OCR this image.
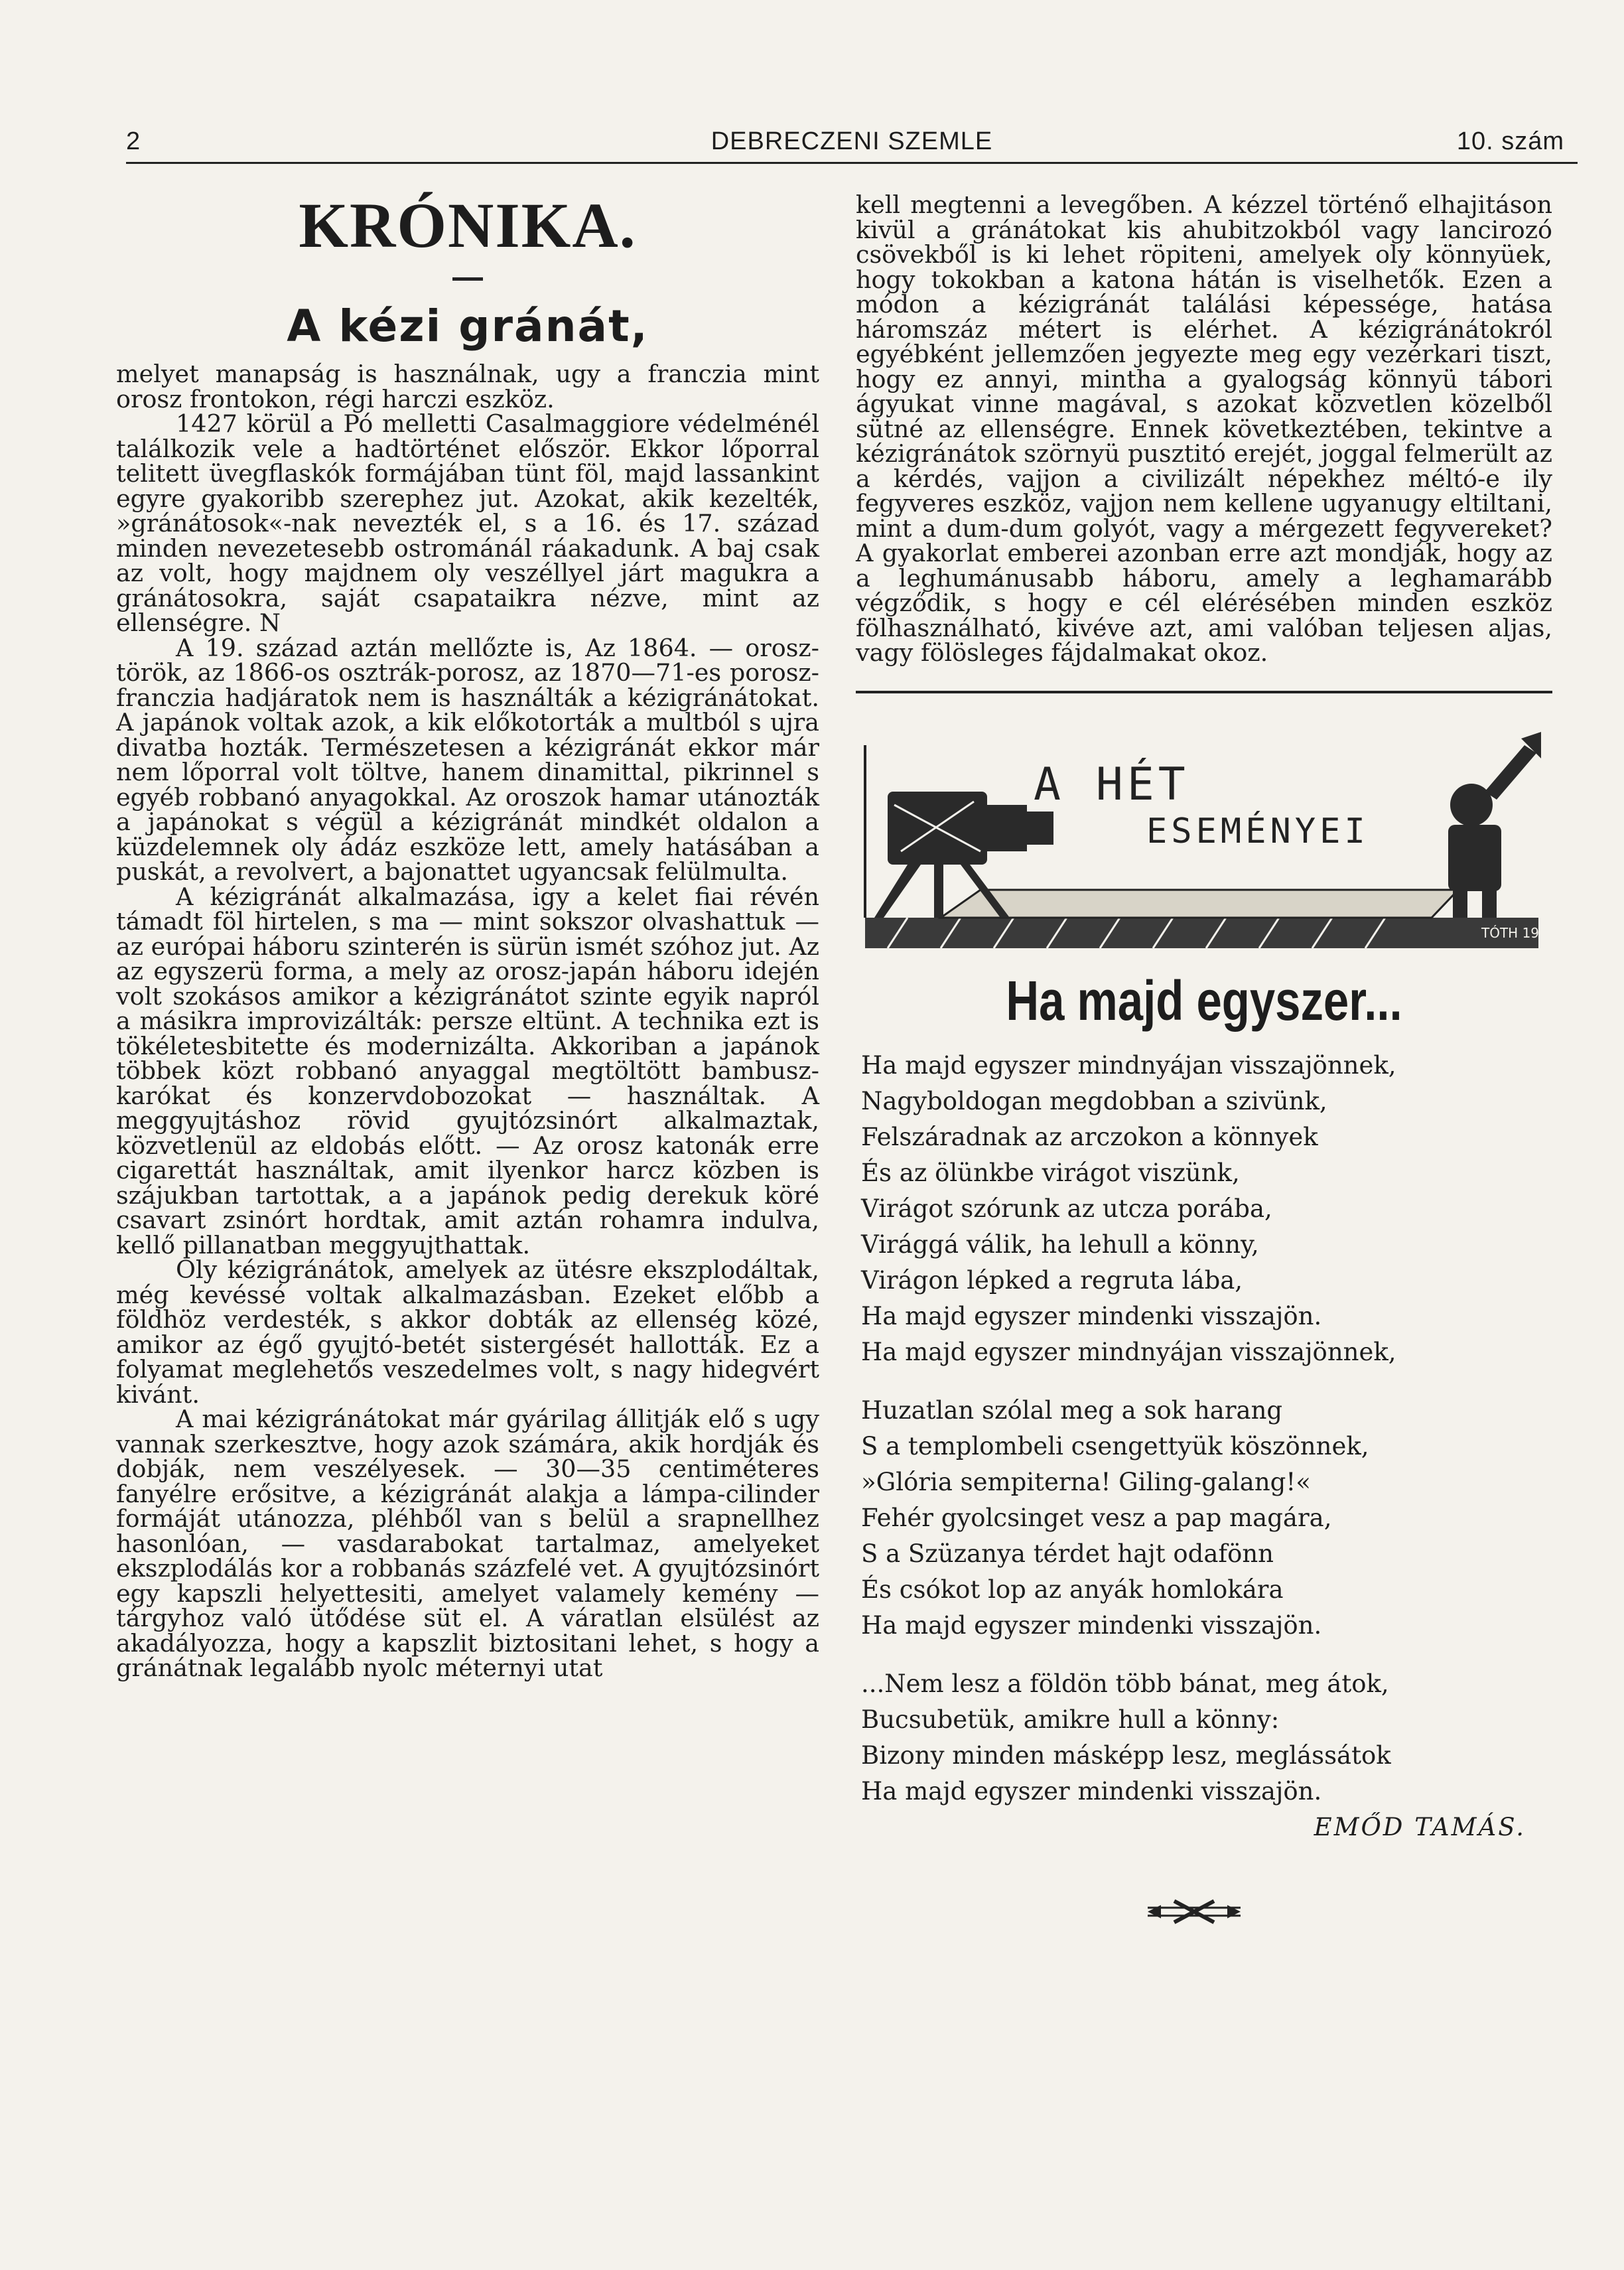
2	DEBRECZENI SZEMLE	10. szám
KRÓNIKA.
A kézi gránát,

melyet manapság is használnak, ugy a franczia mint orosz frontokon, régi harczi eszköz.

1427 körül a Pó melletti Casalmaggiore védelménél találkozik vele a hadtörténet először. Ekkor lőporral telitett üvegflaskók formájában tünt föl, majd lassankint egyre gyakoribb szerephez jut. Azokat, akik kezelték, »gránátosok«-nak nevezték el, s a 16. és 17. század minden nevezetesebb ostrománál ráakadunk. A baj csak az volt, hogy majdnem oly veszéllyel járt magukra a gránátosokra, saját csapataikra nézve, mint az ellenségre. N

A 19. század aztán mellőzte is, Az 1864. — orosz-török, az 1866-os osztrák-porosz, az 1870—71-es porosz-franczia hadjáratok nem is használták a kézigránátokat. A japánok voltak azok, a kik előkotorták a multból s ujra divatba hozták. Természetesen a kézigránát ekkor már nem lőporral volt töltve, hanem dinamittal, pikrinnel s egyéb robbanó anyagokkal. Az oroszok hamar utánozták a japánokat s végül a kézigránát mindkét oldalon a küzdelemnek oly ádáz eszköze lett, amely hatásában a puskát, a revolvert, a bajonattet ugyancsak felülmulta.

A kézigránát alkalmazása, igy a kelet fiai révén támadt föl hirtelen, s ma — mint sokszor olvashattuk — az európai háboru szinterén is sürün ismét szóhoz jut. Az az egyszerü forma, a mely az orosz-japán háboru idején volt szokásos amikor a kézigránátot szinte egyik napról a másikra improvizálták: persze eltünt. A technika ezt is tökéletesbitette és modernizálta. Akkoriban a japánok többek közt robbanó anyaggal megtöltött bambusz-karókat és konzervdobozokat — használtak. A meggyujtáshoz rövid gyujtózsinórt alkalmaztak, közvetlenül az eldobás előtt. — Az orosz katonák erre cigarettát használtak, amit ilyenkor harcz közben is szájukban tartottak, a a japánok pedig derekuk köré csavart zsinórt hordtak, amit aztán rohamra indulva, kellő pillanatban meggyujthattak.

Oly kézigránátok, amelyek az ütésre ekszplodáltak, még kevéssé voltak alkalmazásban. Ezeket előbb a földhöz verdesték, s akkor dobták az ellenség közé, amikor az égő gyujtó-betét sistergését hallották. Ez a folyamat meglehetős veszedelmes volt, s nagy hidegvért kivánt.

A mai kézigránátokat már gyárilag állitják elő s ugy vannak szerkesztve, hogy azok számára, akik hordják és dobják, nem veszélyesek. — 30—35 centiméteres fanyélre erősitve, a kézigránát alakja a lámpa-cilinder formáját utánozza, pléhből van s belül a srapnellhez hasonlóan, — vasdarabokat tartalmaz, amelyeket ekszplodálás kor a robbanás százfelé vet. A gyujtózsinórt egy kapszli helyettesiti, amelyet valamely kemény — tárgyhoz való ütődése süt el. A váratlan elsülést az akadályozza, hogy a kapszlit biztositani lehet, s hogy a gránátnak legalább nyolc méternyi utat

kell megtenni a levegőben. A kézzel történő elhajitáson kivül a gránátokat kis ahubitzokból vagy lancirozó csövekből is ki lehet röpiteni, amelyek oly könnyüek, hogy tokokban a katona hátán is viselhetők. Ezen a módon a kézigránát találási képessége, hatása háromszáz métert is elérhet. A kézigránátokról egyébként jellemzően jegyezte meg egy vezérkari tiszt, hogy ez annyi, mintha a gyalogság könnyü tábori ágyukat vinne magával, s azokat közvetlen közelből sütné az ellenségre. Ennek következtében, tekintve a kézigránátok szörnyü pusztitó erejét, joggal felmerült az a kérdés, vajjon a civilizált népekhez méltó-e ily fegyveres eszköz, vajjon nem kellene ugyanugy eltiltani, mint a dum-dum golyót, vagy a mérgezett fegyvereket? A gyakorlat emberei azonban erre azt mondják, hogy az a leghumánusabb háboru, amely a leghamarább végződik, s hogy e cél elérésében minden eszköz fölhasználható, kivéve azt, ami valóban teljesen aljas, vagy fölösleges fájdalmakat okoz.

TÓTH 1912
A HÉT
ESEMÉNYEI
Ha majd egyszer...
Ha majd egyszer mindnyájan visszajönnek,
Nagyboldogan megdobban a szivünk,
Felszáradnak az arczokon a könnyek
És az ölünkbe virágot viszünk,
Virágot szórunk az utcza porába,
Virággá válik, ha lehull a könny,
Virágon lépked a regruta lába,
Ha majd egyszer mindenki visszajön.
Ha majd egyszer mindnyájan visszajönnek,
Huzatlan szólal meg a sok harang
S a templombeli csengettyük köszönnek,
»Glória sempiterna! Giling-galang!«
Fehér gyolcsinget vesz a pap magára,
S a Szüzanya térdet hajt odafönn
És csókot lop az anyák homlokára
Ha majd egyszer mindenki visszajön.
...Nem lesz a földön több bánat, meg átok,
Bucsubetük, amikre hull a könny:
Bizony minden másképp lesz, meglássátok
Ha majd egyszer mindenki visszajön.
EMŐD TAMÁS.
